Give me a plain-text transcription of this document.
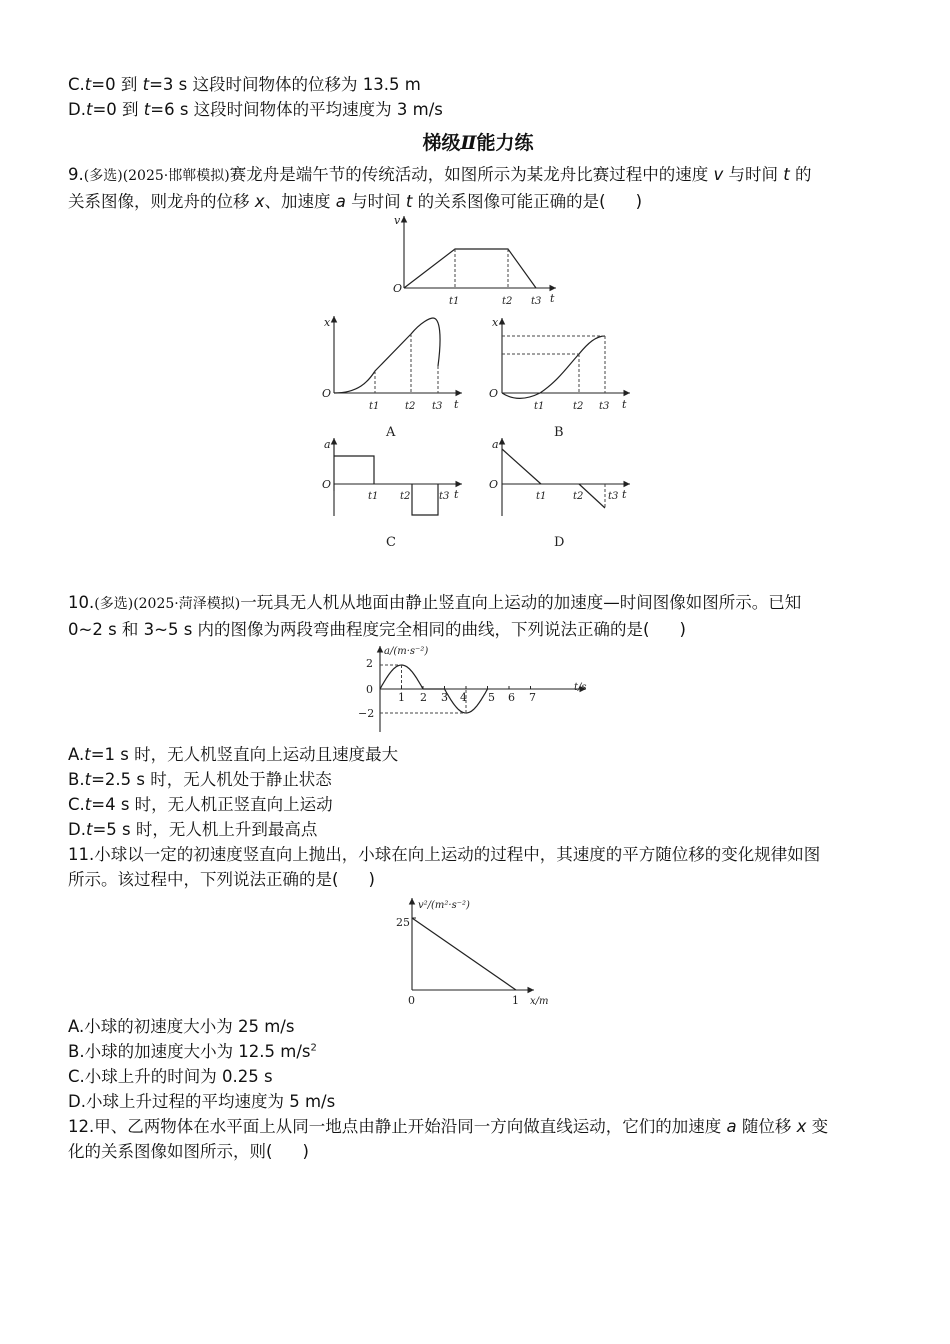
C.t=0 到 t=3 s 这段时间物体的位移为 13.5 m
D.t=0 到 t=6 s 这段时间物体的平均速度为 3 m/s
梯级Ⅱ能力练
9.(多选)(2025·邯郸模拟)赛龙舟是端午节的传统活动，如图所示为某龙舟比赛过程中的速度 v 与时间 t 的
关系图像，则龙舟的位移 x、加速度 a 与时间 t 的关系图像可能正确的是( )
v
O
t
t1	t2 t3
x
O
t
t1	t2 t3
A
x
O
t
t1	t2 t3
B
a
O
t
t1 t2	t3
C
a
O
t
t1	t2 t3
D
10.(多选)(2025·菏泽模拟)一玩具无人机从地面由静止竖直向上运动的加速度—时间图像如图所示。已知
0~2 s 和 3~5 s 内的图像为两段弯曲程度完全相同的曲线，下列说法正确的是( )
a/(m·s⁻²)
t/s
2
0
−2
1 2 3 4 5 6 7
A.t=1 s 时，无人机竖直向上运动且速度最大
B.t=2.5 s 时，无人机处于静止状态
C.t=4 s 时，无人机正竖直向上运动
D.t=5 s 时，无人机上升到最高点
11.小球以一定的初速度竖直向上抛出，小球在向上运动的过程中，其速度的平方随位移的变化规律如图
所示。该过程中，下列说法正确的是( )
v²/(m²·s⁻²)
x/m
25
0	1
A.小球的初速度大小为 25 m/s
B.小球的加速度大小为 12.5 $m/s^2$
C.小球上升的时间为 0.25 s
D.小球上升过程的平均速度为 5 m/s
12.甲、乙两物体在水平面上从同一地点由静止开始沿同一方向做直线运动，它们的加速度 a 随位移 x 变
化的关系图像如图所示，则( )
